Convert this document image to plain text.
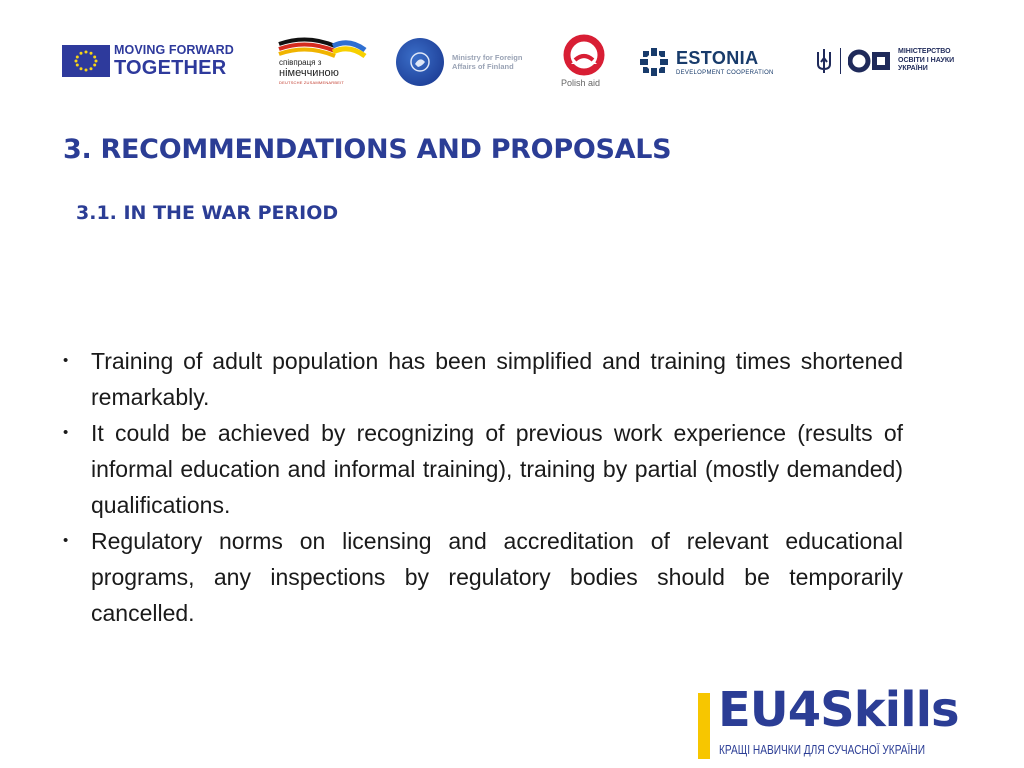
MOVING FORWARD
TOGETHER	співпраця з
німеччиною
DEUTSCHE ZUSAMMENARBEIT
Ministry for Foreign
Affairs of Finland
Polish aid
ESTONIA
DEVELOPMENT COOPERATION
МІНІСТЕРСТВО
ОСВІТИ І НАУКИ
УКРАЇНИ
3. RECOMMENDATIONS AND PROPOSALS
3.1. IN THE WAR PERIOD
• Training of adult population has been simplified and training times shortened remarkably.
• It could be achieved by recognizing of previous work experience (results of informal education and informal training), training by partial (mostly demanded) qualifications.
• Regulatory norms on licensing and accreditation of relevant educational programs, any inspections by regulatory bodies should be temporarily cancelled.
EU4Skills
КРАЩІ НАВИЧКИ ДЛЯ СУЧАСНОЇ УКРАЇНИ
